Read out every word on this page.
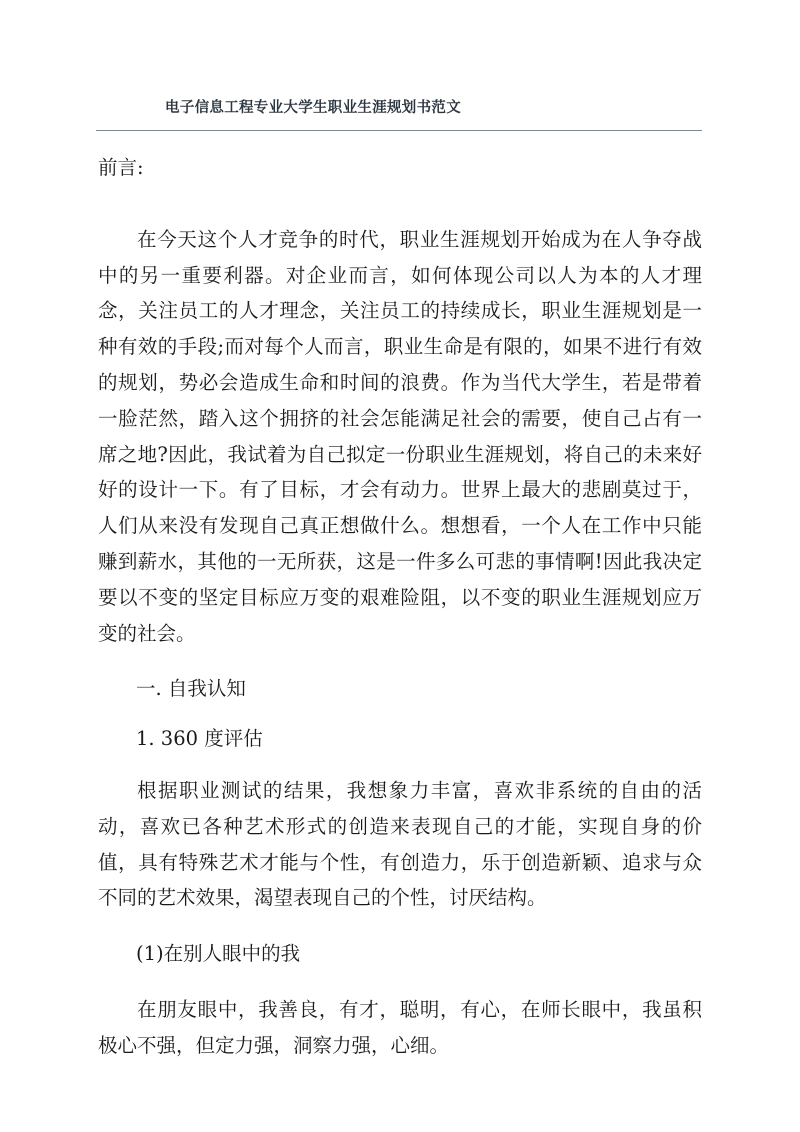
电子信息工程专业大学生职业生涯规划书范文

前言:

在今天这个人才竞争的时代，职业生涯规划开始成为在人争夺战中的另一重要利器。对企业而言，如何体现公司以人为本的人才理念，关注员工的人才理念，关注员工的持续成长，职业生涯规划是一种有效的手段;而对每个人而言，职业生命是有限的，如果不进行有效的规划，势必会造成生命和时间的浪费。作为当代大学生，若是带着一脸茫然，踏入这个拥挤的社会怎能满足社会的需要，使自己占有一席之地?因此，我试着为自己拟定一份职业生涯规划，将自己的未来好好的设计一下。有了目标，才会有动力。世界上最大的悲剧莫过于，人们从来没有发现自己真正想做什么。想想看，一个人在工作中只能赚到薪水，其他的一无所获，这是一件多么可悲的事情啊!因此我决定要以不变的坚定目标应万变的艰难险阻，以不变的职业生涯规划应万变的社会。

一. 自我认知

1. 360 度评估

根据职业测试的结果，我想象力丰富，喜欢非系统的自由的活动，喜欢已各种艺术形式的创造来表现自己的才能，实现自身的价值，具有特殊艺术才能与个性，有创造力，乐于创造新颖、追求与众不同的艺术效果，渴望表现自己的个性，讨厌结构。

(1)在别人眼中的我

在朋友眼中，我善良，有才，聪明，有心，在师长眼中，我虽积极心不强，但定力强，洞察力强，心细。
